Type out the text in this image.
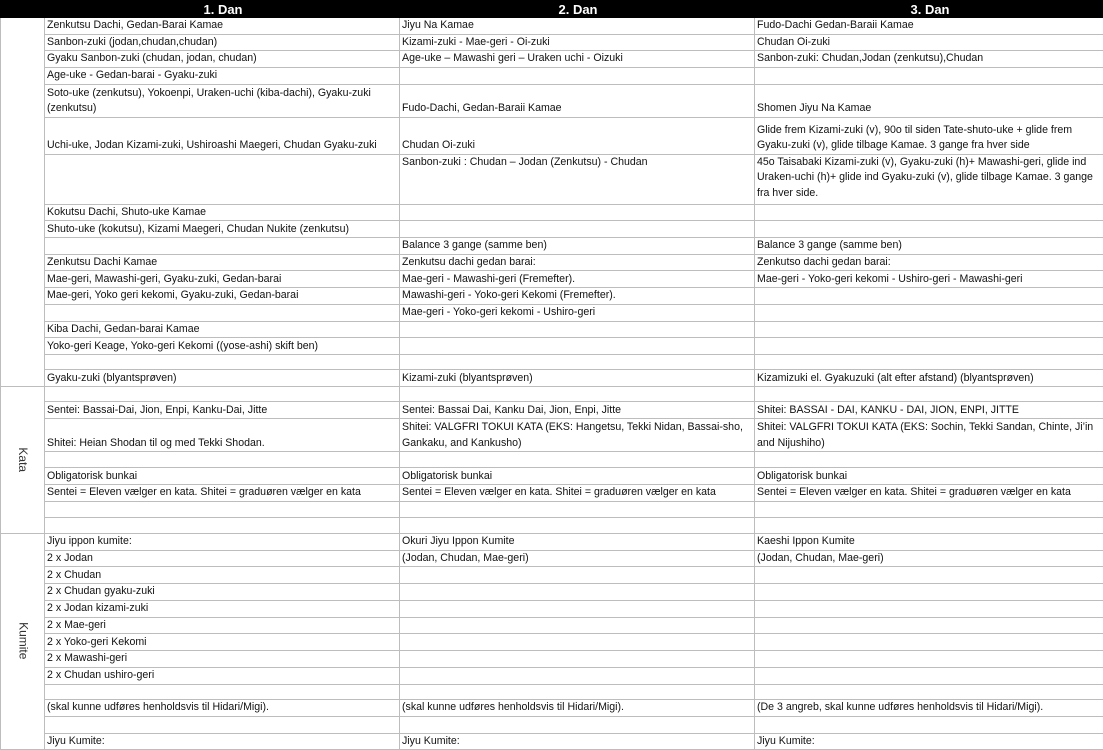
	1. Dan	2. Dan	3. Dan
	Zenkutsu Dachi, Gedan-Barai Kamae	Jiyu Na Kamae	Fudo-Dachi Gedan-Baraii Kamae
	Sanbon-zuki (jodan,chudan,chudan)	Kizami-zuki - Mae-geri - Oi-zuki	Chudan Oi-zuki
	Gyaku Sanbon-zuki (chudan, jodan, chudan)	Age-uke – Mawashi geri – Uraken uchi - Oizuki	Sanbon-zuki: Chudan,Jodan (zenkutsu),Chudan
	Age-uke - Gedan-barai - Gyaku-zuki		
	Soto-uke (zenkutsu), Yokoenpi, Uraken-uchi (kiba-dachi), Gyaku-zuki (zenkutsu)	Fudo-Dachi, Gedan-Baraii Kamae	Shomen Jiyu Na Kamae
	Uchi-uke, Jodan Kizami-zuki, Ushiroashi Maegeri, Chudan Gyaku-zuki	Chudan Oi-zuki	Glide frem Kizami-zuki (v), 90o til siden Tate-shuto-uke + glide frem Gyaku-zuki (v), glide tilbage Kamae. 3 gange fra hver side
		Sanbon-zuki : Chudan – Jodan (Zenkutsu) - Chudan	45o Taisabaki Kizami-zuki (v), Gyaku-zuki (h)+ Mawashi-geri, glide ind Uraken-uchi (h)+ glide ind Gyaku-zuki (v), glide tilbage Kamae. 3 gange fra hver side.
	Kokutsu Dachi, Shuto-uke Kamae		
	Shuto-uke (kokutsu), Kizami Maegeri, Chudan Nukite (zenkutsu)		
		Balance 3 gange (samme ben)	Balance 3 gange (samme ben)
	Zenkutsu Dachi Kamae	Zenkutsu dachi gedan barai:	Zenkutso dachi gedan barai:
	Mae-geri, Mawashi-geri, Gyaku-zuki, Gedan-barai	Mae-geri - Mawashi-geri (Fremefter).	Mae-geri - Yoko-geri kekomi - Ushiro-geri - Mawashi-geri
	Mae-geri, Yoko geri kekomi, Gyaku-zuki, Gedan-barai	Mawashi-geri - Yoko-geri Kekomi (Fremefter).	
		Mae-geri - Yoko-geri kekomi - Ushiro-geri	
	Kiba Dachi, Gedan-barai Kamae		
	Yoko-geri Keage, Yoko-geri Kekomi ((yose-ashi) skift ben)		

	Gyaku-zuki (blyantsprøven)	Kizami-zuki (blyantsprøven)	Kizamizuki el. Gyakuzuki (alt efter afstand) (blyantsprøven)
Kata			
	Sentei: Bassai-Dai, Jion, Enpi, Kanku-Dai, Jitte	Sentei: Bassai Dai, Kanku Dai, Jion, Enpi, Jitte	Shitei: BASSAI - DAI, KANKU - DAI, JION, ENPI, JITTE
	Shitei: Heian Shodan til og med Tekki Shodan.	Shitei: VALGFRI TOKUI KATA (EKS: Hangetsu, Tekki Nidan, Bassai-sho, Gankaku, and Kankusho)	Shitei: VALGFRI TOKUI KATA (EKS: Sochin, Tekki Sandan, Chinte, Ji’in and Nijushiho)

	Obligatorisk bunkai	Obligatorisk bunkai	Obligatorisk bunkai
	Sentei = Eleven vælger en kata. Shitei = graduøren vælger en kata	Sentei = Eleven vælger en kata. Shitei = graduøren vælger en kata	Sentei = Eleven vælger en kata. Shitei = graduøren vælger en kata

Kumite	Jiyu ippon kumite:	Okuri Jiyu Ippon Kumite	Kaeshi Ippon Kumite
	2 x Jodan	(Jodan, Chudan, Mae-geri)	(Jodan, Chudan, Mae-geri)
	2 x Chudan		
	2 x Chudan gyaku-zuki		
	2 x Jodan kizami-zuki		
	2 x Mae-geri		
	2 x Yoko-geri Kekomi		
	2 x Mawashi-geri		
	2 x Chudan ushiro-geri		

	(skal kunne udføres henholdsvis til Hidari/Migi).	(skal kunne udføres henholdsvis til Hidari/Migi).	(De 3 angreb, skal kunne udføres henholdsvis til Hidari/Migi).

	Jiyu Kumite:	Jiyu Kumite:	Jiyu Kumite:
